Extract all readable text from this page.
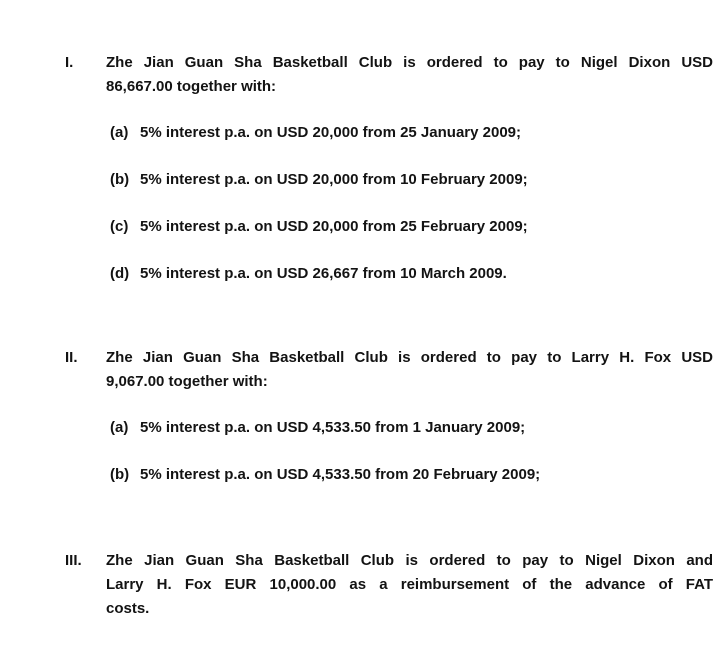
I.	Zhe Jian Guan Sha Basketball Club is ordered to pay to Nigel Dixon USD
86,667.00 together with:
(a) 5% interest p.a. on USD 20,000 from 25 January 2009;
(b) 5% interest p.a. on USD 20,000 from 10 February 2009;
(c) 5% interest p.a. on USD 20,000 from 25 February 2009;
(d) 5% interest p.a. on USD 26,667 from 10 March 2009.
II.	Zhe Jian Guan Sha Basketball Club is ordered to pay to Larry H. Fox USD
9,067.00 together with:
(a) 5% interest p.a. on USD 4,533.50 from 1 January 2009;
(b) 5% interest p.a. on USD 4,533.50 from 20 February 2009;
III.	Zhe Jian Guan Sha Basketball Club is ordered to pay to Nigel Dixon and
Larry H. Fox EUR 10,000.00 as a reimbursement of the advance of FAT
costs.
